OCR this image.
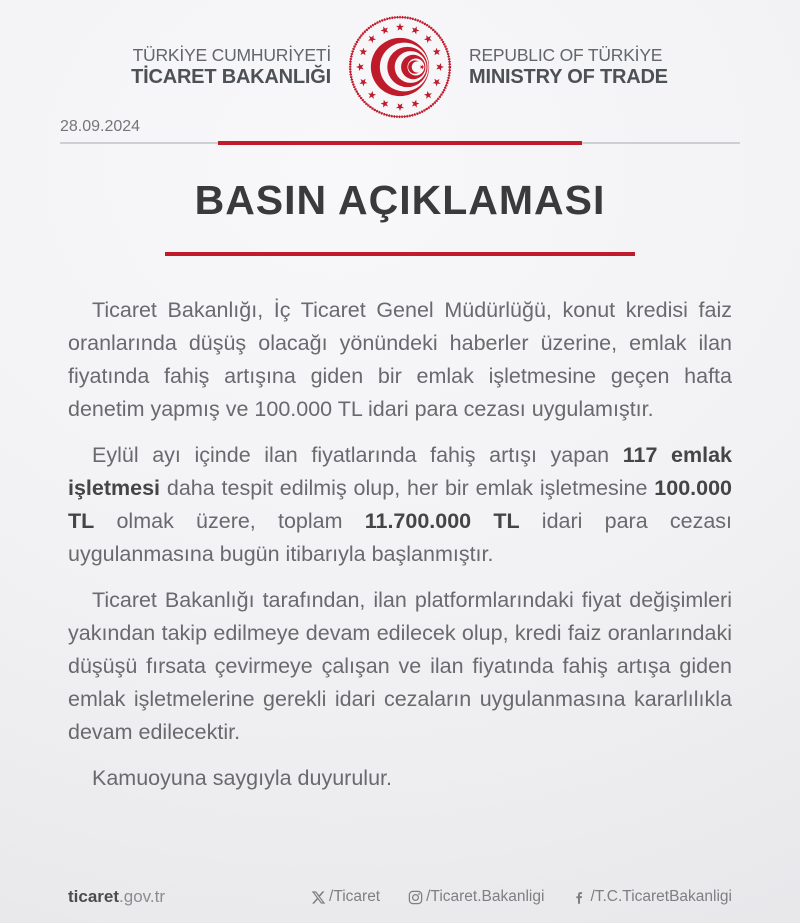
TÜRKİYE CUMHURİYETİ
TİCARET BAKANLIĞI
REPUBLIC OF TÜRKİYE
MINISTRY OF TRADE
28.09.2024
BASIN AÇIKLAMASI

Ticaret Bakanlığı, İç Ticaret Genel Müdürlüğü, konut kredisi faiz oranlarında düşüş olacağı yönündeki haberler üzerine, emlak ilan fiyatında fahiş artışına giden bir emlak işletmesine geçen hafta denetim yapmış ve 100.000 TL idari para cezası uygulamıştır.

Eylül ayı içinde ilan fiyatlarında fahiş artışı yapan 117 emlak işletmesi daha tespit edilmiş olup, her bir emlak işletmesine 100.000 TL olmak üzere, toplam 11.700.000 TL idari para cezası uygulanmasına bugün itibarıyla başlanmıştır.

Ticaret Bakanlığı tarafından, ilan platformlarındaki fiyat değişimleri yakından takip edilmeye devam edilecek olup, kredi faiz oranlarındaki düşüşü fırsata çevirmeye çalışan ve ilan fiyatında fahiş artışa giden emlak işletmelerine gerekli idari cezaların uygulanmasına kararlılıkla devam edilecektir.

Kamuoyuna saygıyla duyurulur.

ticaret.gov.tr	/Ticaret	/Ticaret.Bakanligi	/T.C.TicaretBakanligi
